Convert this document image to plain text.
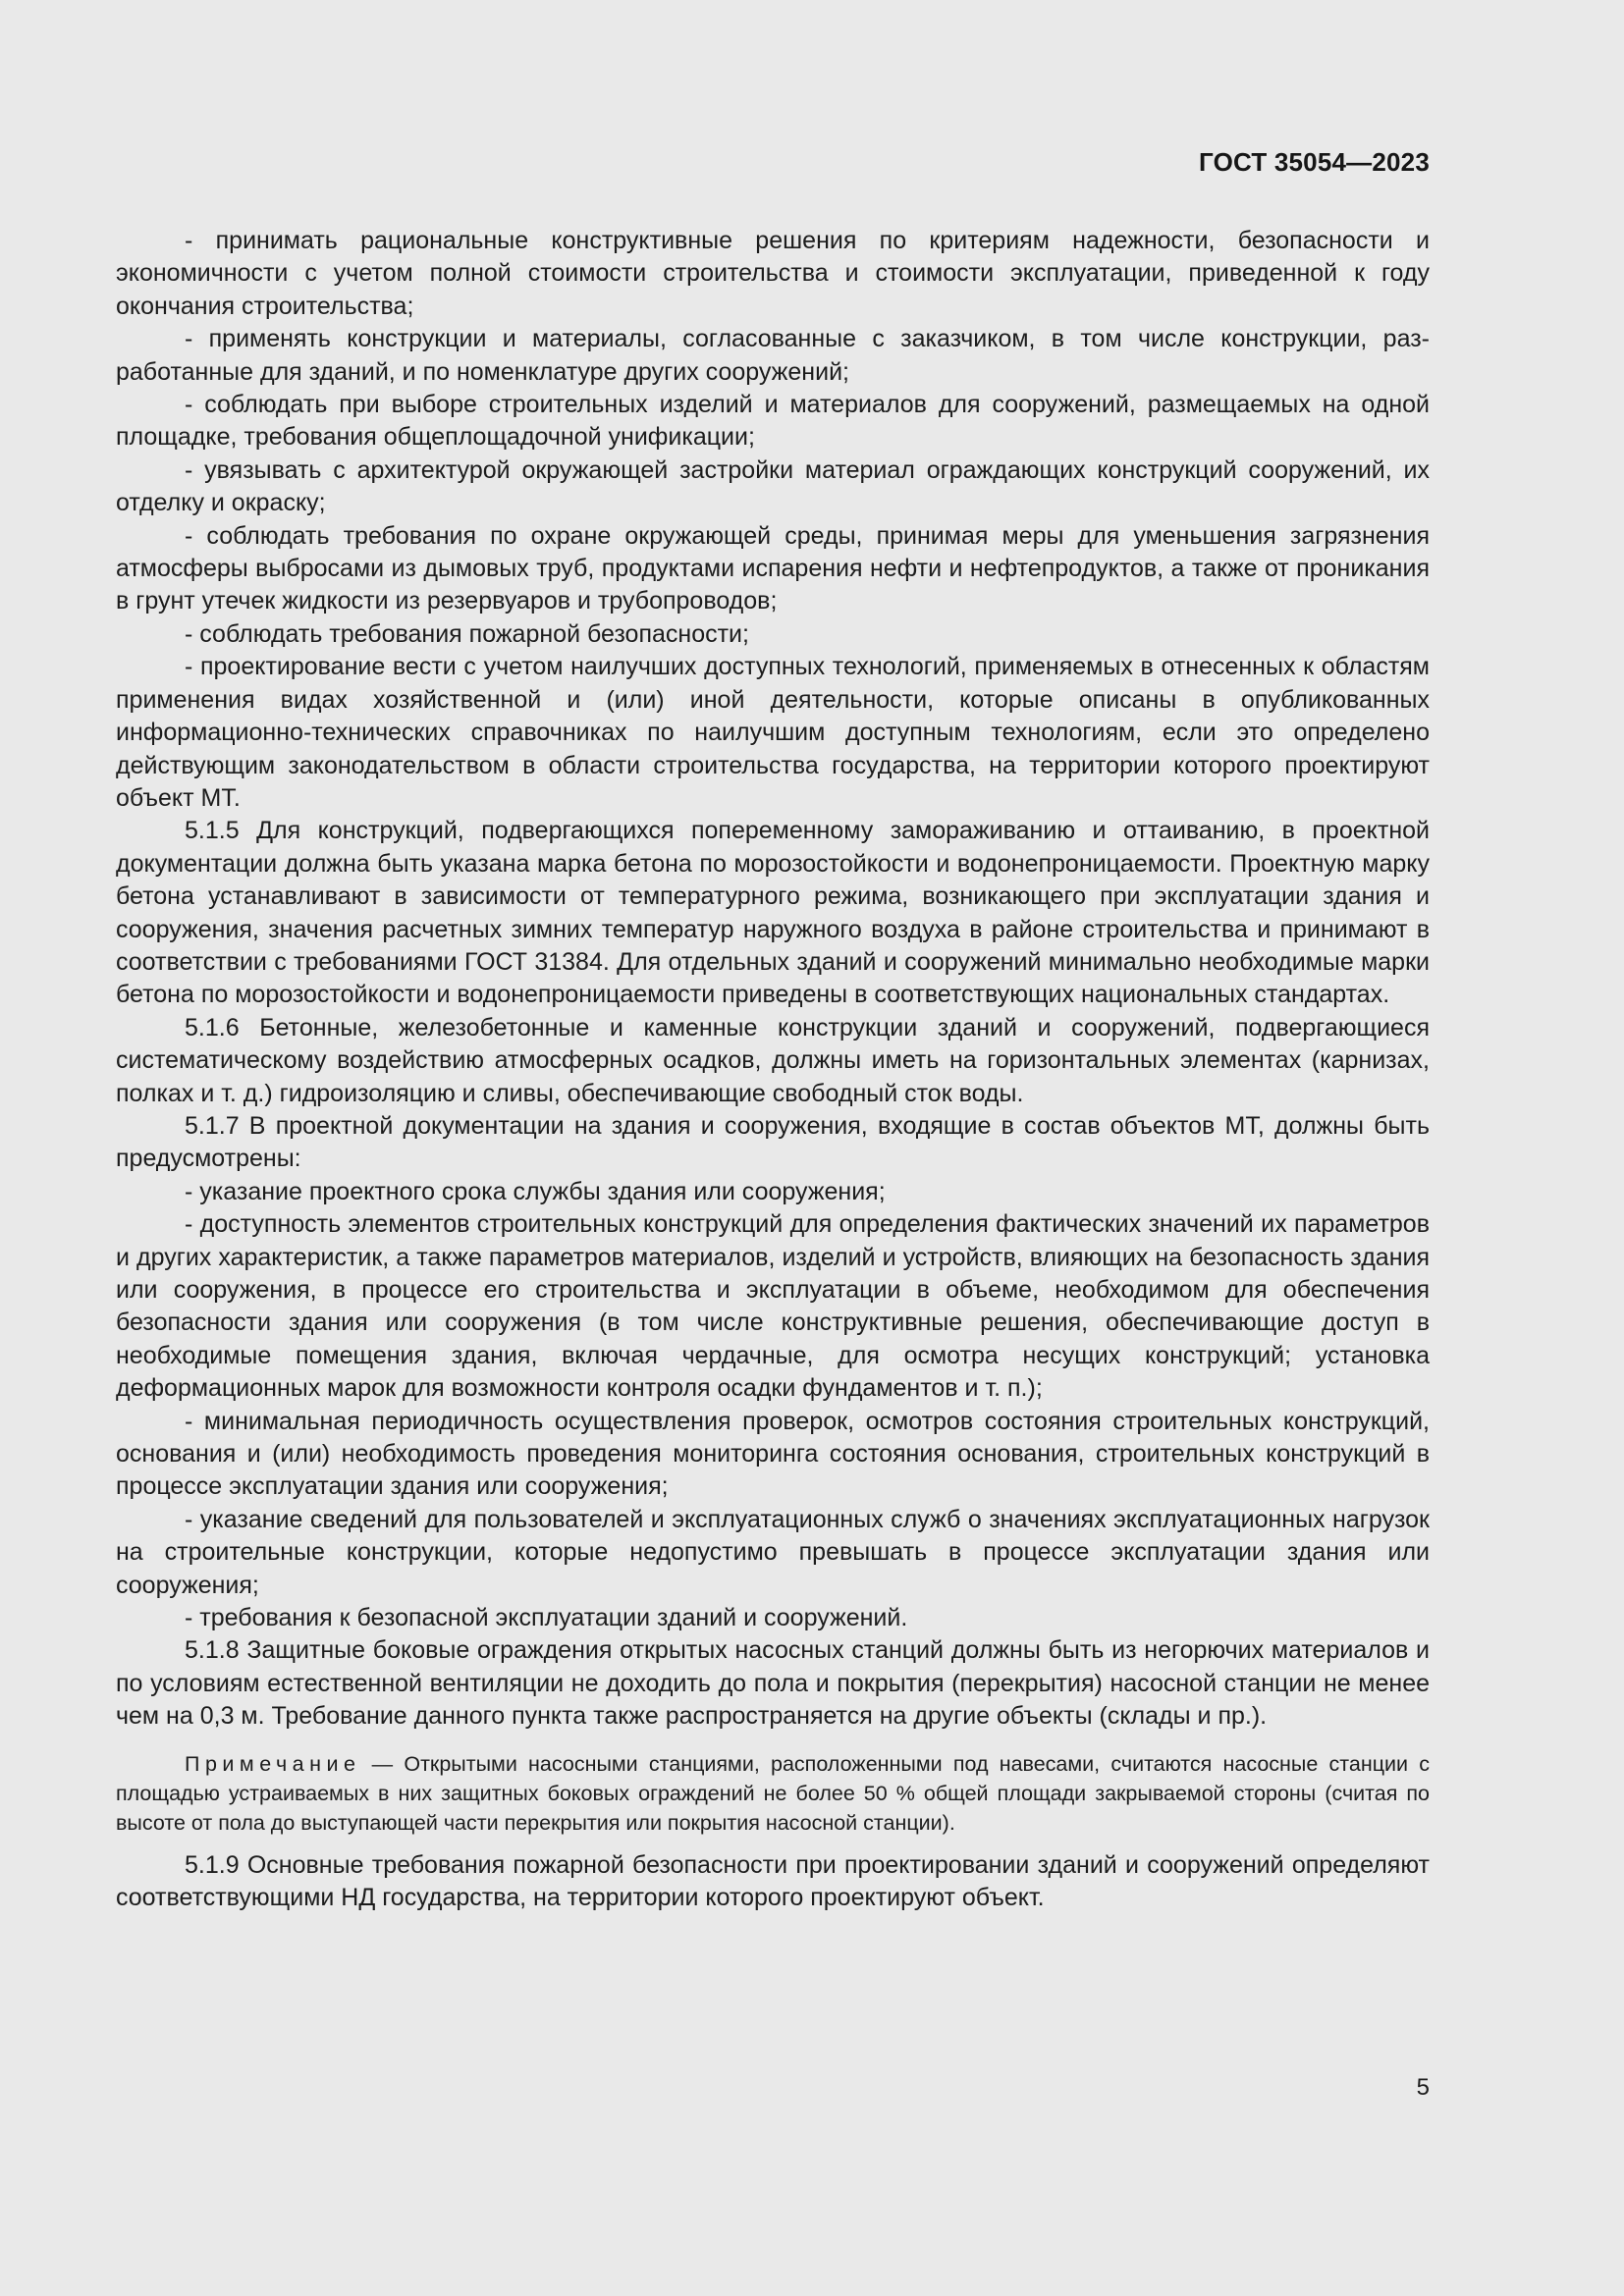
ГОСТ 35054—2023

- принимать рациональные конструктивные решения по критериям надежности, безопасности и экономичности с учетом полной стоимости строительства и стоимости эксплуатации, приведенной к году окончания строительства;

- применять конструкции и материалы, согласованные с заказчиком, в том числе конструкции, разработанные для зданий, и по номенклатуре других сооружений;

- соблюдать при выборе строительных изделий и материалов для сооружений, размещаемых на одной площадке, требования общеплощадочной унификации;

- увязывать с архитектурой окружающей застройки материал ограждающих конструкций сооружений, их отделку и окраску;

- соблюдать требования по охране окружающей среды, принимая меры для уменьшения загрязнения атмосферы выбросами из дымовых труб, продуктами испарения нефти и нефтепродуктов, а также от проникания в грунт утечек жидкости из резервуаров и трубопроводов;

- соблюдать требования пожарной безопасности;

- проектирование вести с учетом наилучших доступных технологий, применяемых в отнесенных к областям применения видах хозяйственной и (или) иной деятельности, которые описаны в опубликованных информационно-технических справочниках по наилучшим доступным технологиям, если это определено действующим законодательством в области строительства государства, на территории которого проектируют объект МТ.

5.1.5 Для конструкций, подвергающихся попеременному замораживанию и оттаиванию, в проектной документации должна быть указана марка бетона по морозостойкости и водонепроницаемости. Проектную марку бетона устанавливают в зависимости от температурного режима, возникающего при эксплуатации здания и сооружения, значения расчетных зимних температур наружного воздуха в районе строительства и принимают в соответствии с требованиями ГОСТ 31384. Для отдельных зданий и сооружений минимально необходимые марки бетона по морозостойкости и водонепроницаемости приведены в соответствующих национальных стандартах.

5.1.6 Бетонные, железобетонные и каменные конструкции зданий и сооружений, подвергающиеся систематическому воздействию атмосферных осадков, должны иметь на горизонтальных элементах (карнизах, полках и т. д.) гидроизоляцию и сливы, обеспечивающие свободный сток воды.

5.1.7 В проектной документации на здания и сооружения, входящие в состав объектов МТ, должны быть предусмотрены:

- указание проектного срока службы здания или сооружения;

- доступность элементов строительных конструкций для определения фактических значений их параметров и других характеристик, а также параметров материалов, изделий и устройств, влияющих на безопасность здания или сооружения, в процессе его строительства и эксплуатации в объеме, необходимом для обеспечения безопасности здания или сооружения (в том числе конструктивные решения, обеспечивающие доступ в необходимые помещения здания, включая чердачные, для осмотра несущих конструкций; установка деформационных марок для возможности контроля осадки фундаментов и т. п.);

- минимальная периодичность осуществления проверок, осмотров состояния строительных конструкций, основания и (или) необходимость проведения мониторинга состояния основания, строительных конструкций в процессе эксплуатации здания или сооружения;

- указание сведений для пользователей и эксплуатационных служб о значениях эксплуатационных нагрузок на строительные конструкции, которые недопустимо превышать в процессе эксплуатации здания или сооружения;

- требования к безопасной эксплуатации зданий и сооружений.

5.1.8 Защитные боковые ограждения открытых насосных станций должны быть из негорючих материалов и по условиям естественной вентиляции не доходить до пола и покрытия (перекрытия) насосной станции не менее чем на 0,3 м. Требование данного пункта также распространяется на другие объекты (склады и пр.).

Примечание — Открытыми насосными станциями, расположенными под навесами, считаются насосные станции с площадью устраиваемых в них защитных боковых ограждений не более 50 % общей площади закрываемой стороны (считая по высоте от пола до выступающей части перекрытия или покрытия насосной станции).

5.1.9 Основные требования пожарной безопасности при проектировании зданий и сооружений определяют соответствующими НД государства, на территории которого проектируют объект.

5
